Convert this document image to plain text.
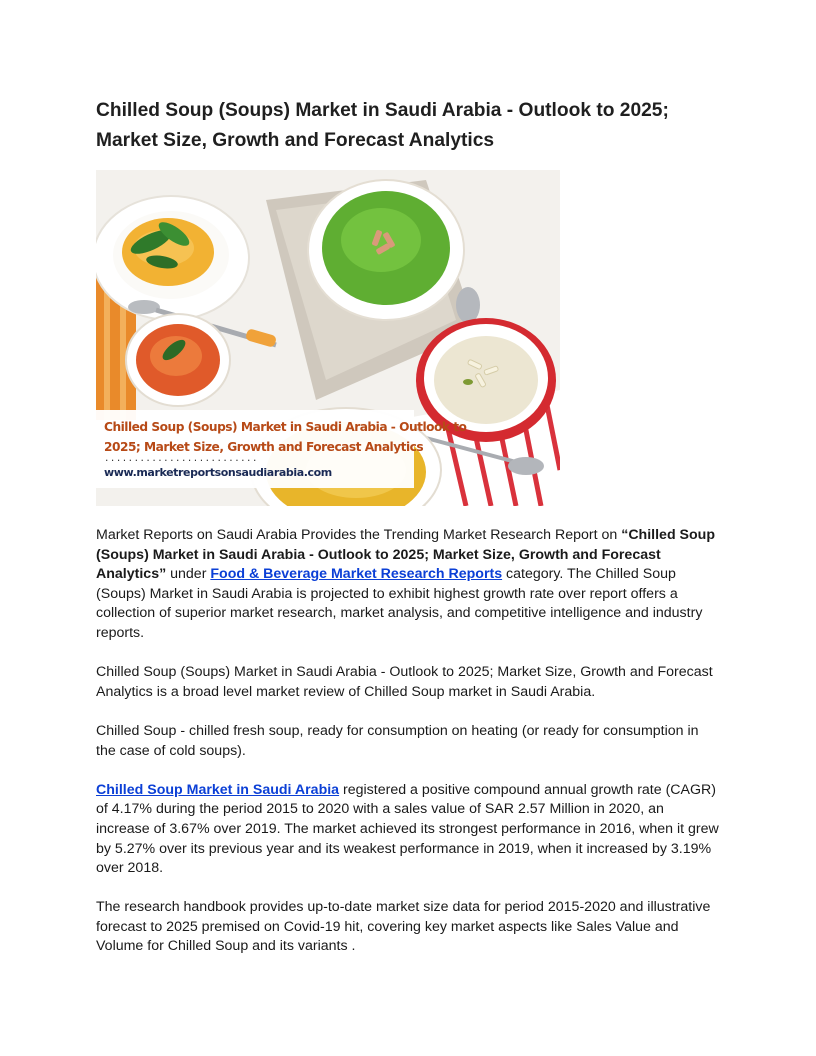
Chilled Soup (Soups) Market in Saudi Arabia - Outlook to 2025; Market Size, Growth and Forecast Analytics
Chilled Soup (Soups) Market in Saudi Arabia - Outlook to
2025; Market Size, Growth and Forecast Analytics
..........................
www.marketreportsonsaudiarabia.com

Market Reports on Saudi Arabia Provides the Trending Market Research Report on “Chilled Soup (Soups) Market in Saudi Arabia - Outlook to 2025; Market Size, Growth and Forecast Analytics” under Food & Beverage Market Research Reports category. The Chilled Soup (Soups) Market in Saudi Arabia is projected to exhibit highest growth rate over report offers a collection of superior market research, market analysis, and competitive intelligence and industry reports.

Chilled Soup (Soups) Market in Saudi Arabia - Outlook to 2025; Market Size, Growth and Forecast Analytics is a broad level market review of Chilled Soup market in Saudi Arabia.

Chilled Soup - chilled fresh soup, ready for consumption on heating (or ready for consumption in the case of cold soups).

Chilled Soup Market in Saudi Arabia registered a positive compound annual growth rate (CAGR) of 4.17% during the period 2015 to 2020 with a sales value of SAR 2.57 Million in 2020, an increase of 3.67% over 2019. The market achieved its strongest performance in 2016, when it grew by 5.27% over its previous year and its weakest performance in 2019, when it increased by 3.19% over 2018.

The research handbook provides up-to-date market size data for period 2015-2020 and illustrative forecast to 2025 premised on Covid-19 hit, covering key market aspects like Sales Value and Volume for Chilled Soup and its variants .
